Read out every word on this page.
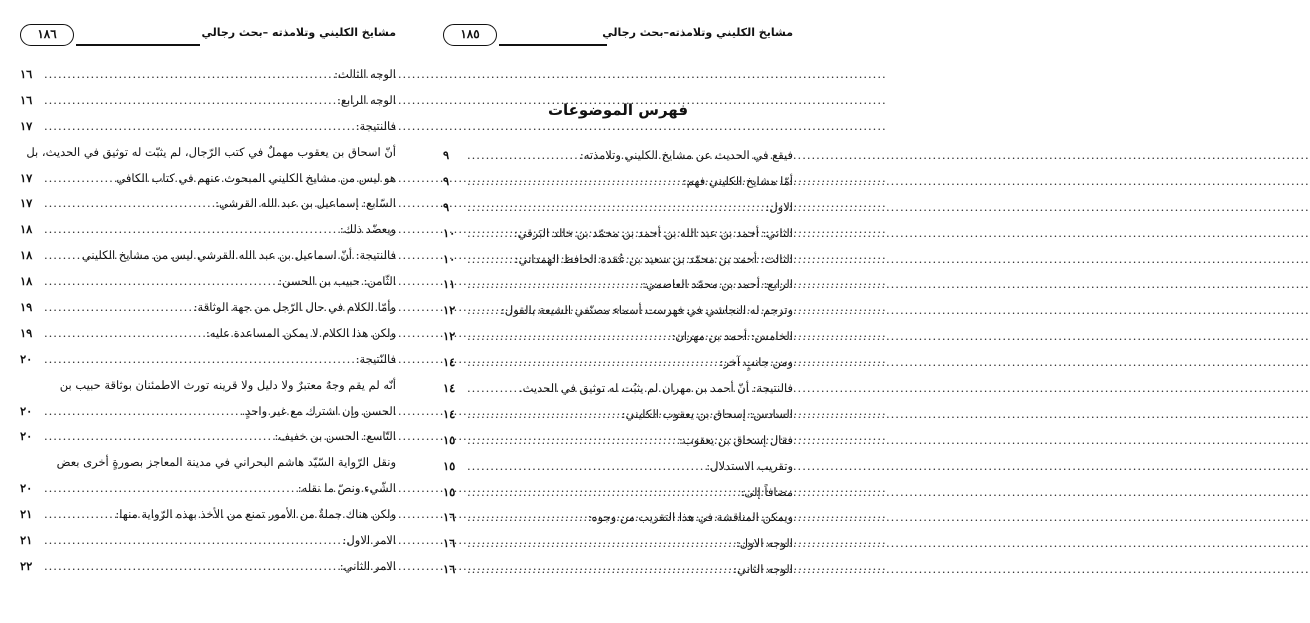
مشايخ الكليني وتلامذته –بحث رجالي
١٨٦
الوجه الثالث:
.....
١٦
الوجه الرابع:
.....
١٦
فالنتيجة:
.....
١٧
أنّ اسحاق بن يعقوب مهملٌ في كتب الرّجال، لم يثبّت له توثيق في الحديث، بل
هو ليس من مشايخ الكليني المبحوث عنهم في كتاب الكافي
.....
١٧
السّابع: إسماعيل بن عبد الله القرشي:
.....
١٧
ويعضّد ذلك:
.....
١٨
فالنتيجة: أنّ اسماعيل بن عبد الله القرشي ليس من مشايخ الكليني
.....
١٨
الثّامن: حبيب بن الحسن:
.....
١٨
وأمّا الكلام في حال الرّجل من جهة الوثاقة:
.....
١٩
ولكن هذا الكلام لا يمكن المساعدة عليه:
.....
١٩
فالنّتيجة:
.....
٢٠
أنّه لم يقم وجهٌ معتبرٌ ولا دليل ولا قرينه تورث الاطمئنان بوثاقة حبيب بن
الحسن وإن اشترك مع غير واحدٍ.
.....
٢٠
التّاسع: الحسن بن خفيف:
.....
٢٠
ونقل الرّواية السّيّد هاشم البحراني في مدينة المعاجز بصورةٍ أخرى بعض
الشّيء ونصّ ما نقله:
.....
٢٠
ولكن هناك جملةٌ من الأمور تمنع من الأخذ بهذه الرّواية منها:
.....
٢١
الامر الاول:
.....
٢١
الامر الثاني:
.....
٢٢
مشايخ الكليني وتلامذته–بحث رجالي
١٨٥
فهرس الموضوعات
فيقع في الحديث عن مشايخ الكليني وتلامذته:
.....
٩
أمّا مشايخ الكليني فهم:
.....
٩
الاول:
.....
٩
الثاني: أحمد بن عبد الله بن أحمد بن محمّد بن خالد البَرقي:
.....
١٠
الثالث: أحمد بن محمّد بن سعيد بن عُقدة الحافظ الهمداني:
.....
١٠
الرابع: أحمد بن محمّد العاصمي:
.....
١١
وترجم له النجاشي في فهرست أسماء مصنّفي الشيعة بالقول:
.....
١٢
الخامس: أحمد بن مهران:
.....
١٢
ومن جانبٍ آخر:
.....
١٤
فالنتيجة: أنّ أحمد بن مهران لم يثبُت له توثيق في الحديث.
.....
١٤
السادس: إسحاق بن يعقوب الكليني:
.....
١٤
فقال إسحاق بن يعقوب:
.....
١٥
وتقريب الاستدلال:
.....
١٥
مضافاً إلى:
.....
١٥
ويمكن المناقشة في هذا التقريب من وجوه:
.....
١٦
الوجه الاول:
.....
١٦
الوجه الثاني:
.....
١٦
